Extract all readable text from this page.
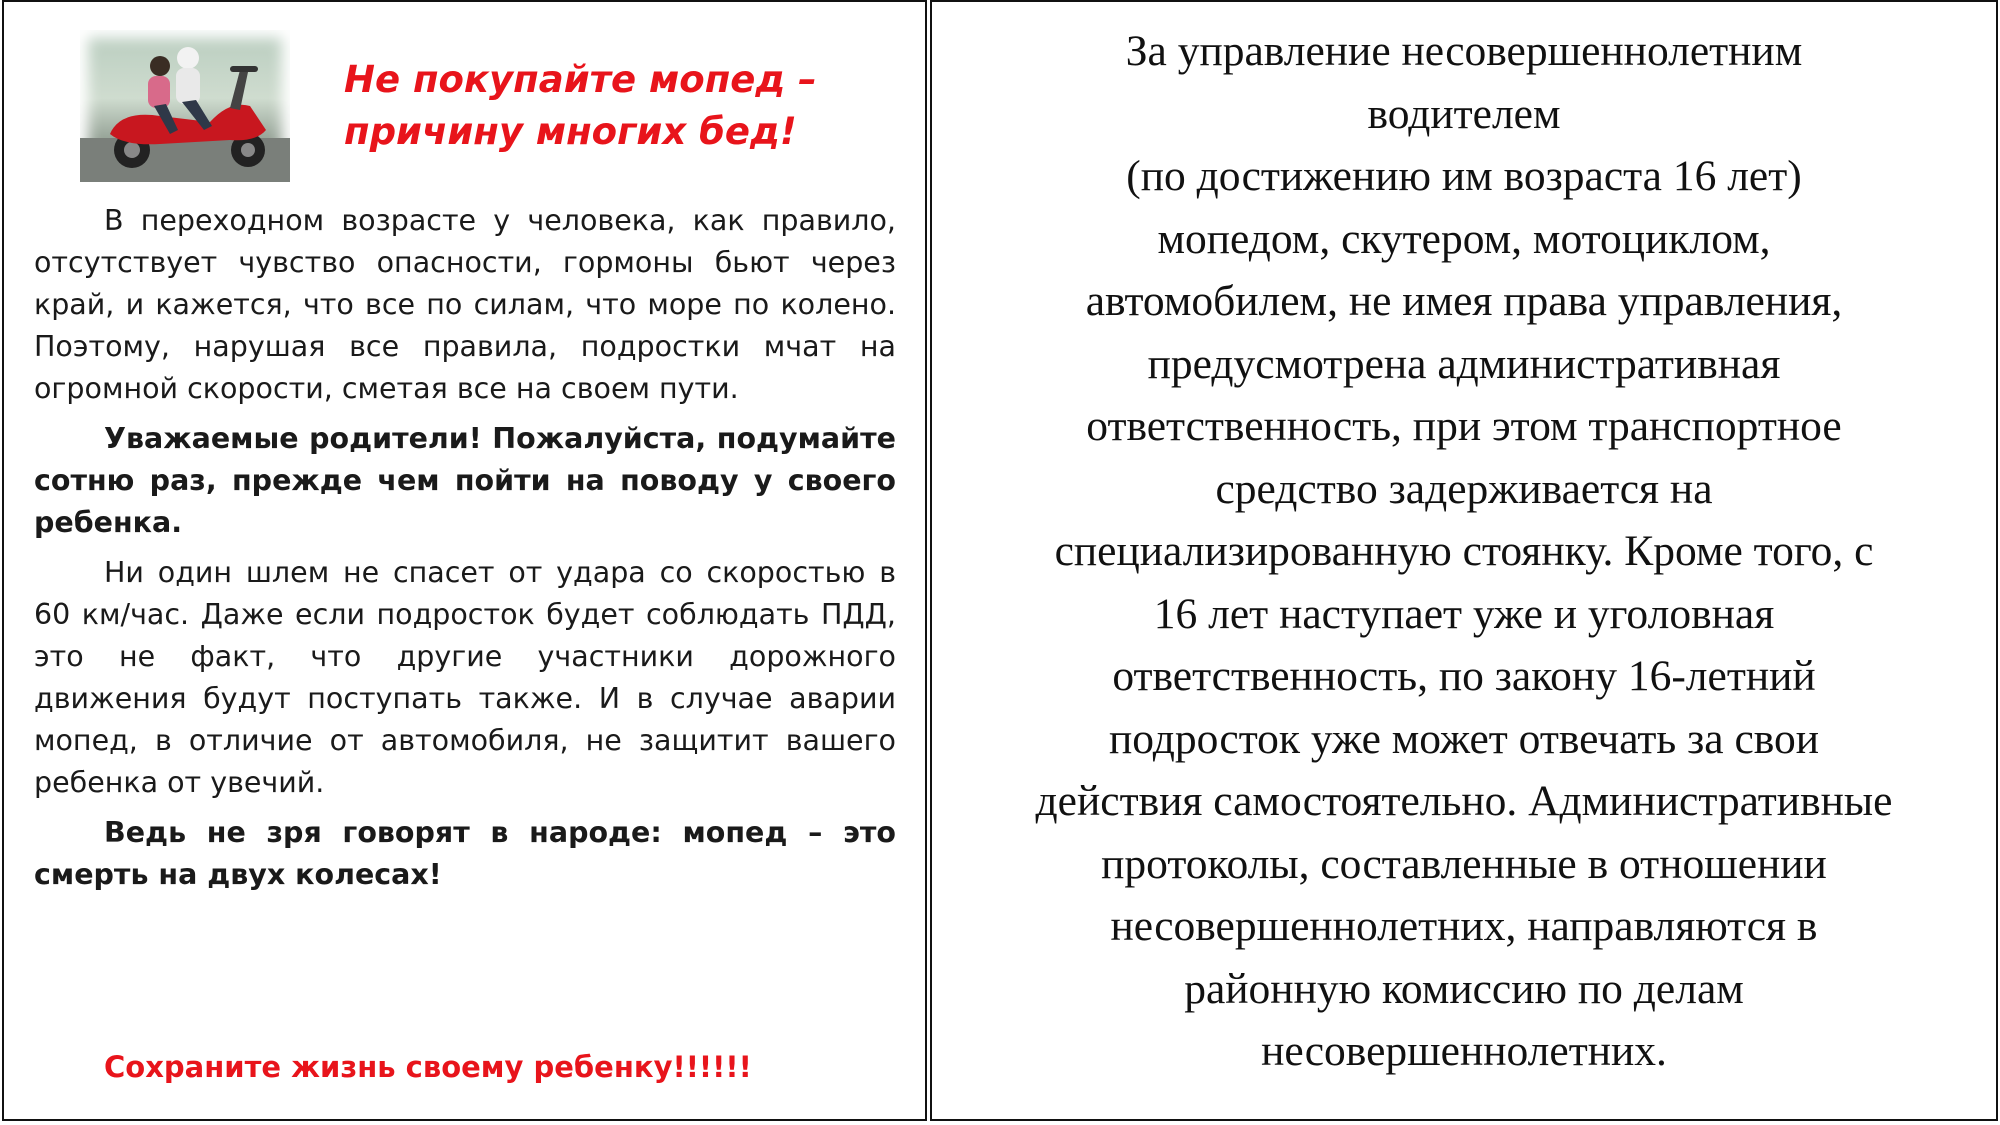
Не покупайте мопед –
причину многих бед!

В переходном возрасте у человека, как правило, отсутствует чувство опасности, гормоны бьют через край, и кажется, что все по силам, что море по колено. Поэтому, нарушая все правила, подростки мчат на огромной скорости, сметая все на своем пути.

Уважаемые родители! Пожалуйста, подумайте сотню раз, прежде чем пойти на поводу у своего ребенка.

Ни один шлем не спасет от удара со скоростью в 60 км/час. Даже если подросток будет соблюдать ПДД, это не факт, что другие участники дорожного движения будут поступать также. И в случае аварии мопед, в отличие от автомобиля, не защитит вашего ребенка от увечий.

Ведь не зря говорят в народе: мопед – это смерть на двух колесах!

Сохраните жизнь своему ребенку!!!!!!

За управление несовершеннолетним
водителем
(по достижению им возраста 16 лет)
мопедом, скутером, мотоциклом,
автомобилем, не имея права управления,
предусмотрена административная
ответственность, при этом транспортное
средство задерживается на
специализированную стоянку. Кроме того, с
16 лет наступает уже и уголовная
ответственность, по закону 16-летний
подросток уже может отвечать за свои
действия самостоятельно. Административные
протоколы, составленные в отношении
несовершеннолетних, направляются в
районную комиссию по делам
несовершеннолетних.
